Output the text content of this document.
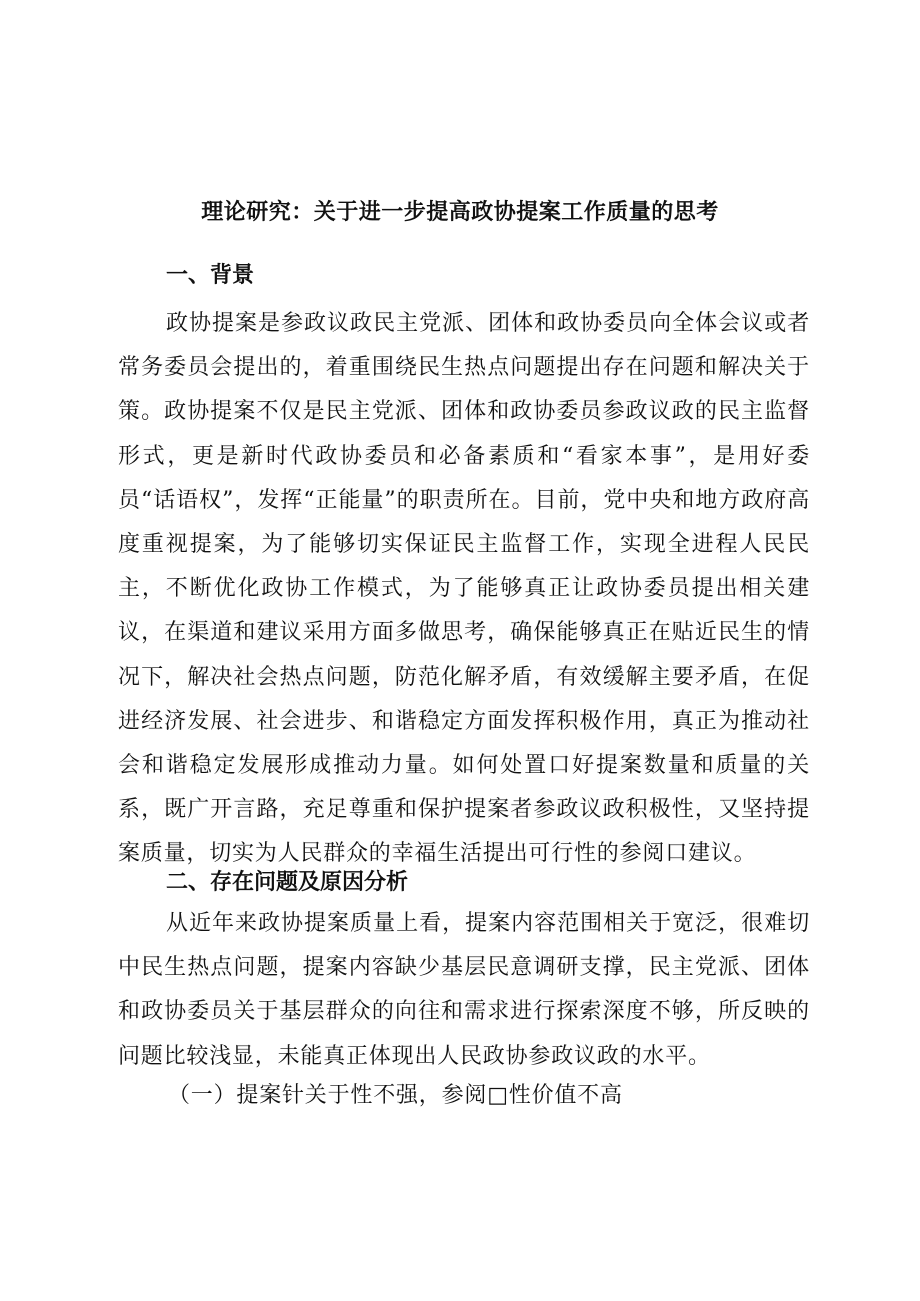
理论研究：关于进一步提高政协提案工作质量的思考
一、背景

政协提案是参政议政民主党派、团体和政协委员向全体会议或者常务委员会提出的，着重围绕民生热点问题提出存在问题和解决关于策。政协提案不仅是民主党派、团体和政协委员参政议政的民主监督形式，更是新时代政协委员和必备素质和“看家本事”，是用好委员“话语权”，发挥“正能量”的职责所在。目前，党中央和地方政府高度重视提案，为了能够切实保证民主监督工作，实现全进程人民民主，不断优化政协工作模式，为了能够真正让政协委员提出相关建议，在渠道和建议采用方面多做思考，确保能够真正在贴近民生的情况下，解决社会热点问题，防范化解矛盾，有效缓解主要矛盾，在促进经济发展、社会进步、和谐稳定方面发挥积极作用，真正为推动社会和谐稳定发展形成推动力量。如何处置口好提案数量和质量的关系，既广开言路，充足尊重和保护提案者参政议政积极性，又坚持提案质量，切实为人民群众的幸福生活提出可行性的参阅口建议。

二、存在问题及原因分析

从近年来政协提案质量上看，提案内容范围相关于宽泛，很难切中民生热点问题，提案内容缺少基层民意调研支撑，民主党派、团体和政协委员关于基层群众的向往和需求进行探索深度不够，所反映的问题比较浅显，未能真正体现出人民政协参政议政的水平。

（一）提案针关于性不强，参阅□性价值不高
